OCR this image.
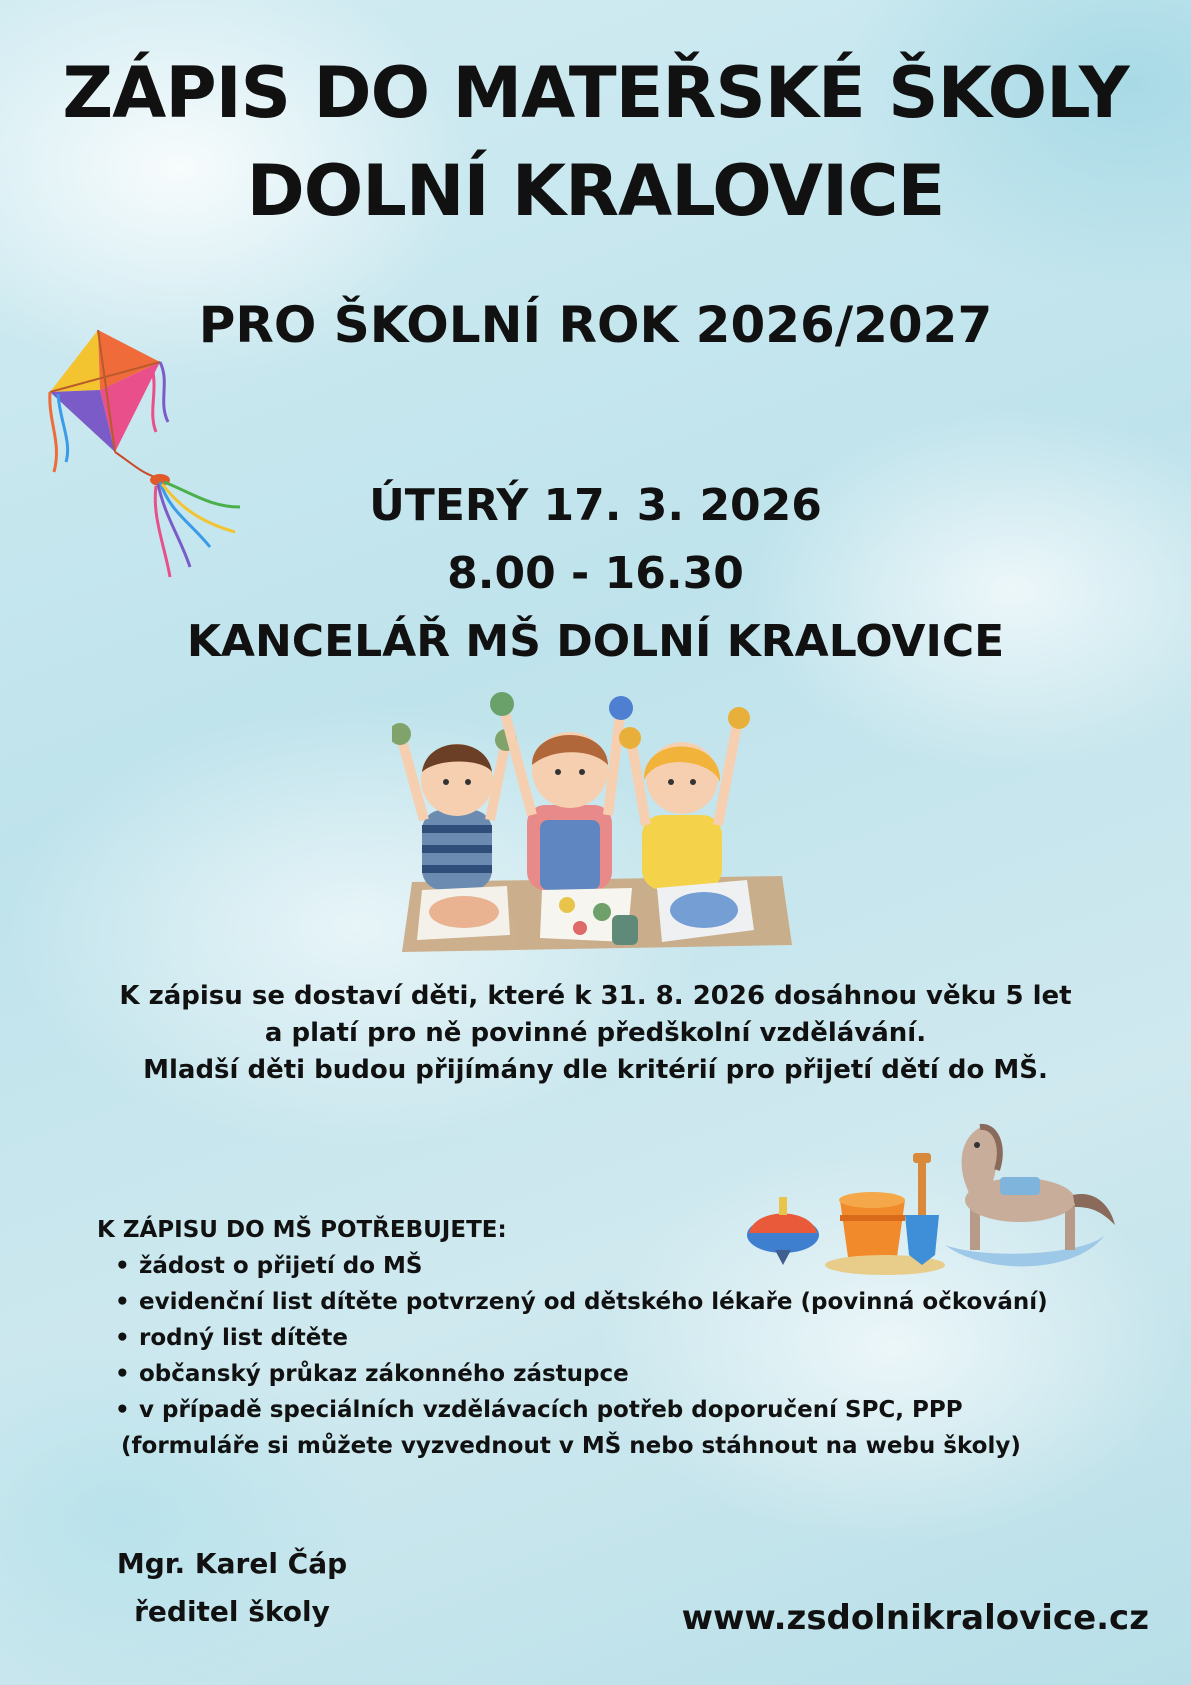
ZÁPIS DO MATEŘSKÉ ŠKOLY
DOLNÍ KRALOVICE
PRO ŠKOLNÍ ROK 2026/2027
ÚTERÝ 17. 3. 2026
8.00 - 16.30
KANCELÁŘ MŠ DOLNÍ KRALOVICE
K zápisu se dostaví děti, které k 31. 8. 2026 dosáhnou věku 5 let
a platí pro ně povinné předškolní vzdělávání.
Mladší děti budou přijímány dle kritérií pro přijetí dětí do MŠ.
K ZÁPISU DO MŠ POTŘEBUJETE:
• žádost o přijetí do MŠ
• evidenční list dítěte potvrzený od dětského lékaře (povinná očkování)
• rodný list dítěte
• občanský průkaz zákonného zástupce
• v případě speciálních vzdělávacích potřeb doporučení SPC, PPP
(formuláře si můžete vyzvednout v MŠ nebo stáhnout na webu školy)
Mgr. Karel Čáp
ředitel školy	www.zsdolnikralovice.cz
